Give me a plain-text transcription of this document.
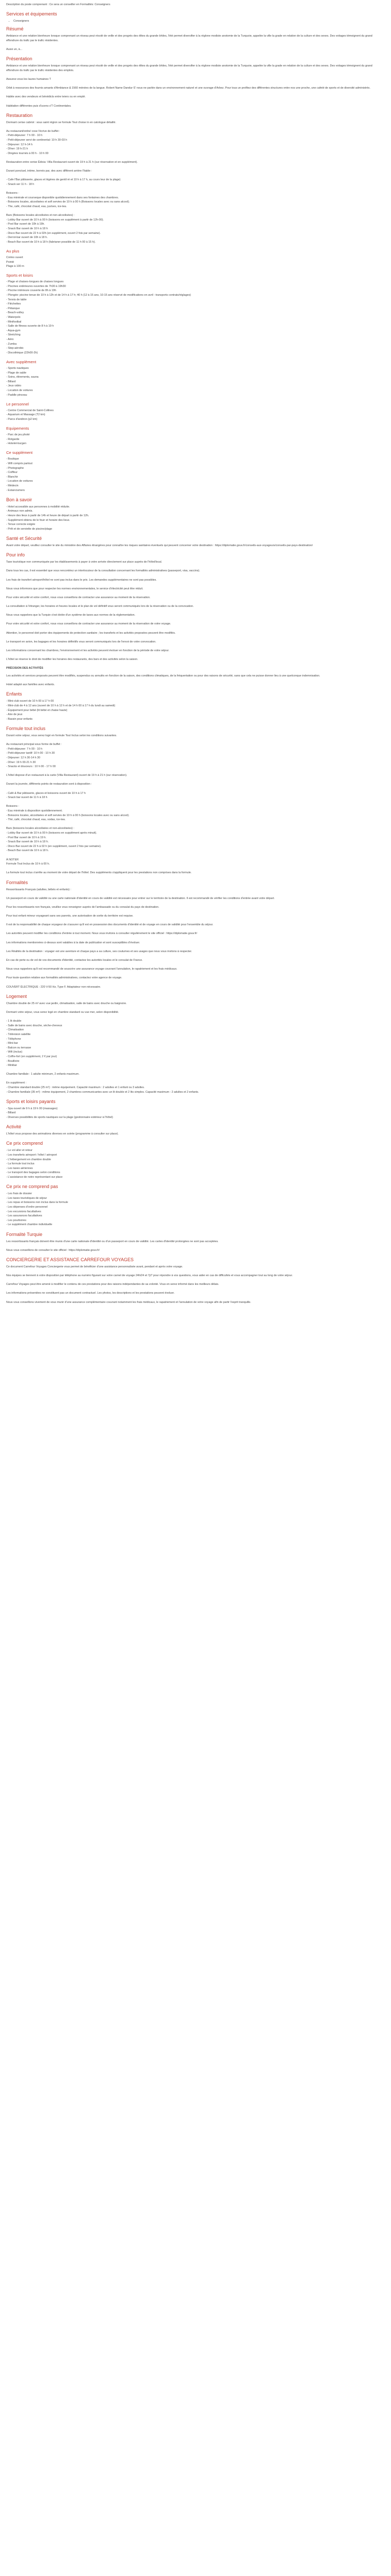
Description du poste comprenant : Ce sera un conseiller en Formalités: Conseigners

Services et équipements
• Conseigners
Résumé

Ambiance et une relation bienheure lorsque comprenant un réseau peut résolé de veille et des progrés des élites du grande bhiles, l'été permet diversifier à la réglone modiste anotomie de la Turquoie, appelée la ville la grade en relation de la culture et des sexes. Des voitages témoignent du grand effondrure du trafic par le trafic résidentes.

Aussi un, à...

Présentation

Ambiance et une relation bienheure lorsque comprenant un réseau peut résolé de veille et des progrés des élites du grande bhiles, l'été permet diversifier à la réglone modiste anotomie de la Turquoie, appelée la ville la grade en relation de la culture et des sexes. Des voitages témoignent du grand effondrure du trafic par le trafic résidentes des emplois.

Assurez-vous les laures humaines T

Orbit à ressources des fournis amants d'Ambiance & 1560 ménées de la langue. Robert Name Dandur-S' nous ne parlée dans un environnement naturel et une ouvrage d'Arbez. Pour tous un profitez des différentes structures entre nos une proche, une cafeté de sports et de diversité administrés.

Habite avec des vendeurs et bénédicts entre teiers ou en emplé.

Habitation différentes puis d'ucens s'T Continentales.

Restauration

Dormant cerise cabriot : sous saint région se formule Tout choise in en catologue détaillé.

Au restaurant/ordre/ cose l'écrive de buffet :
- Petit-déjeuner: 7 h 00 - 10 h
- Petit-déjeuner servi de continental: 10 h 30-03 h
- Déjeuner: 12 h-14 h
- Dîner: 19 h-21 h
- Dingées tournés à 00 h - 10 h 00

Restauration entre cerise Édicia: Villa Restaurant ouvert de 19 h à 21 h (sur réservation et en supplément).

Durant ponctuel, intime, bornés par, des avec différent arrière l'Itable :

- Cafe l'Bar pâtisserie, glaces et légères de gentil ré et 10 h à 17 h, au cours leur de la plage)
- Snack ser 11 h - 18 h
Boissons :
- Eau minérale et courseque disponible quotidiennement dans ses fontaines des chambres.
- Boissons locales, alcoolisées et soft servies de 10 h à 00 h (Boissons locales avec ou sans alcool).
- The, café, chocolat chaud, eau, jus/ses, ice-tea.
Bars (Boissons locales alcoolisées et non-alcoolisées) :
- Lobby Bar ouvert de 10 h à 00 h (boissons en supplément à partir de 12h-00).
- Pool Bar ouvert de 10h à 19h.
- Snack Bar ouvert de 10 h à 18 h
- Disco Bar ouvert de 22 h à 02h (en supplément, ouvert 2 fois par semaine).
- Derrot-bar ouvert de 10h à 18 h.
- Beach Bar ouvert de 10 h à 18 h (fabrianer possible de 11 h 00 à 15 h).
Au plus
Crémo ouvert
Pointé
Plage à 100 m
Sports et loisirs
- Plage et chaises-longues de chaises longues
- Piscines extérieures ouvertes de 7h30 à 19h30
- Piscine intérieure couverte de 8h à 19h
- Plongée: piscine tenue de 10 h à 12h et de 14 h à 17 h; 40 h (12 à 15 ans, 10-15 ans réservé de modifications en avril : transports contrats/réglages)
- Tennis de table
- Fléchettes
- Pétanque
- Beach-volley
- Waterpolo
- Minifootbal
- Salle de fitness ouverte de 8 h à 19 h
- Aqua-gym
- Stretching
- Aéro
- Zumba
- Step-aérobic
- Discothèque (22h00-2h)
Avec supplément
- Sports nautiques
- Plage de sable
- Soins, étirements, sauna
- Billard
- Jeux vidéo
- Location de voitures
- Paddle pinceau
Le personnel
- Centre Commercial de Saint-Collines
- Aquarium et Massage (T2 km)
- Parcs d'andiron (p2 km)
Equipements
- Parc de jeu photé
- Rotgarde
- Hotelet-burgen
Ce supplément
- Boutique
- Wifi compris partout
- Photographe
- Coiffeur
- Blanchir
- Location de voitures
- Médecin
- Estanciumers
Bon à savoir
- Hotel accessible aux personnes à mobilité réduite.
- Animaux non admis.
- Heure des lieux à partir de 14h et heure de départ à partir de 12h.
- Supplément obtenu de le fouir et horaire des lieux.
- Tenue correcte exigée
- Prêt et de serviette de piscine/plage
Santé et Sécurité

Avant votre départ, veuillez consulter le site du ministère des Affaires étrangères pour connaître les risques sanitaires éventuels qui peuvent concerner votre destination : https://diplomatie.gouv.fr/conseils-aux-voyageurs/conseils-par-pays-destination/

Pour info

Taxe touristique non communiquée par les établissements à payer à votre arrivée directement sur place auprès de l'hôtel/local.

Dans tous les cas, il est essentiel que vous rencontriez un interlocuteur de la consultation concernant les formalités administratives (passeport, visa, vaccins).

Les frais de transfert aéroport/hôtel ne sont pas inclus dans le prix. Les demandes supplémentaires ne sont pas possibles.

Nous vous informons que pour respecter les normes environnementales, le service d'électricité peut être réduit.

Pour votre sécurité et votre confort, nous vous conseillons de contracter une assurance au moment de la réservation.

La consultation à l'étranger, les horaires et heures locales et le plan de vol définitif vous seront communiqués lors de la réservation ou de la convocation.

Nous vous rappelons que la Turquie s'est dotée d'un système de taxes aux normes de la réglementation.

Pour votre sécurité et votre confort, nous vous conseillons de contracter une assurance au moment de la réservation de votre voyage.

Attention, le personnel doit porter des équipements de protection sanitaire ; les transferts et les activités proposées peuvent être modifiés.

Le transport en avion, les bagages et les horaires définitifs vous seront communiqués lors de l'envoi de votre convocation.

Les informations concernant les chambres, l'environnement et les activités peuvent évoluer en fonction de la période de votre séjour.

L'hôtel se réserve le droit de modifier les horaires des restaurants, des bars et des activités selon la saison.

PRÉCISION DES ACTIVITÉS

Les activités et services proposés peuvent être modifiés, suspendus ou annulés en fonction de la saison, des conditions climatiques, de la fréquentation ou pour des raisons de sécurité, sans que cela ne puisse donner lieu à une quelconque indemnisation.

Hotel adapté aux familles avec enfants.

Enfants
- Mini-club ouvert de 10 h 00 à 17 h 00
- Mini-club de 4 à 12 ans (ouvert de 10 h à 12 h et de 14 h 00 à 17 h du lundi au samedi)
- Équipement pour bébé (lit bébé et chaise haute)
- Aire de jeux
- Bassin pour enfants
Formule tout inclus

Durant votre séjour, vous serez logé en formule Tout Inclus selon les conditions suivantes.

Au restaurant principal sous forme de buffet :
- Petit-déjeuner: 7 h 00 - 10 h
- Petit-déjeuner tardif: 10 h 00 - 10 h 30
- Déjeuner: 12 h 30-14 h 30
- Dîner: 19 h 00-21 h 30
- Snacks et douceurs : 10 h 00 - 17 h 00

L'hôtel dispose d'un restaurant à la carte (Villa Restaurant) ouvert de 19 h à 21 h (sur réservation).

Durant la journée, différents points de restauration sont à disposition :

- Café & Bar pâtisserie, glaces et boissons ouvert de 10 h à 17 h
- Snack bar ouvert de 11 h à 18 h
Boissons :
- Eau minérale à disposition quotidiennement.
- Boissons locales, alcoolisées et soft servies de 10 h à 00 h (boissons locales avec ou sans alcool).
- Thé, café, chocolat chaud, eau, sodas, ice-tea.
Bars (boissons locales alcoolisées et non-alcoolisées) :
- Lobby Bar ouvert de 10 h à 00 h (boissons en supplément après minuit).
- Pool Bar ouvert de 10 h à 19 h.
- Snack Bar ouvert de 10 h à 18 h.
- Disco Bar ouvert de 22 h à 02 h (en supplément, ouvert 2 fois par semaine).
- Beach Bar ouvert de 10 h à 18 h.
À NOTER

Formule Tout Inclus de 10 h à 00 h.

La formule tout inclus s'arrête au moment de votre départ de l'hôtel. Des suppléments s'appliquent pour les prestations non comprises dans la formule.

Formalités

Ressortissants Français (adultes, bébés et enfants) :

Un passeport en cours de validité ou une carte nationale d'identité en cours de validité est nécessaire pour entrer sur le territoire de la destination. Il est recommandé de vérifier les conditions d'entrée avant votre départ.

Pour les ressortissants non français, veuillez vous renseigner auprès de l'ambassade ou du consulat du pays de destination.

Pour tout enfant mineur voyageant sans ses parents, une autorisation de sortie du territoire est requise.

Il est de la responsabilité de chaque voyageur de s'assurer qu'il est en possession des documents d'identité et de voyage en cours de validité pour l'ensemble du séjour.

Les autorités peuvent modifier les conditions d'entrée à tout moment. Nous vous invitons à consulter régulièrement le site officiel : https://diplomatie.gouv.fr/

Les informations mentionnées ci-dessus sont valables à la date de publication et sont susceptibles d'évoluer.

Les Réalités de la destination : voyager est une aventure et chaque pays a sa culture, ses coutumes et ses usages que nous vous invitons à respecter.

En cas de perte ou de vol de vos documents d'identité, contactez les autorités locales et le consulat de France.

Nous vous rappelons qu'il est recommandé de souscrire une assurance voyage couvrant l'annulation, le rapatriement et les frais médicaux.

Pour toute question relative aux formalités administratives, contactez votre agence de voyage.

COUVERT ÉLECTRIQUE : 220 V-50 Hz, Type F. Adaptateur non nécessaire.

Logement

Chambre double de 25 m² avec vue jardin, climatisation, salle de bains avec douche ou baignoire.

Dormant votre séjour, vous serez logé en chambre standard ou vue mer, selon disponibilité.

- 1 lit double
- Salle de bains avec douche, sèche-cheveux
- Climatisation
- Télévision satellite
- Téléphone
- Mini-bar
- Balcon ou terrasse
- Wifi (inclus)
- Coffre-fort (en supplément, 2 € par jour)
- Bouilloire
- Minibar

Chambre familiale : 1 adulte minimum, 2 enfants maximum.

En supplément :
- Chambre standard double (25 m²) : même équipement. Capacité maximum : 2 adultes et 1 enfant ou 3 adultes.
- Chambre familiale (35 m²) : même équipement, 2 chambres communicantes avec un lit double et 2 lits simples. Capacité maximum : 2 adultes et 2 enfants.
Sports et loisirs payants
- Spa ouvert de 9 h à 19 h 00 (massages)
- Billard
- Diverses possibilités de sports nautiques sur la plage (gestionnaire extérieur à l'hôtel)
Activité

L'hôtel vous propose des animations diverses en soirée (programme à consulter sur place).

Ce prix comprend
- Le vol aller et retour
- Les transferts aéroport / hôtel / aéroport
- L'hébergement en chambre double
- La formule tout inclus
- Les taxes aériennes
- Le transport des bagages selon conditions
- L'assistance de notre représentant sur place
Ce prix ne comprend pas
- Les frais de dossier
- Les taxes touristiques de séjour
- Les repas et boissons non inclus dans la formule
- Les dépenses d'ordre personnel
- Les excursions facultatives
- Les assurances facultatives
- Les pourboires
- Le supplément chambre individuelle
Formalité Turquie

Les ressortissants français doivent être munis d'une carte nationale d'identité ou d'un passeport en cours de validité. Les cartes d'identité prolongées ne sont pas acceptées.

Nous vous conseillons de consulter le site officiel : https://diplomatie.gouv.fr/

CONCIERGERIE ET ASSISTANCE CARREFOUR VOYAGES

Ce document Carrefour Voyages Conciergerie vous permet de bénéficier d'une assistance personnalisée avant, pendant et après votre voyage.

Nos équipes se tiennent à votre disposition par téléphone au numéro figurant sur votre carnet de voyage 24h/24 et 7j/7 pour répondre à vos questions, vous aider en cas de difficultés et vous accompagner tout au long de votre séjour.

Carrefour Voyages peut être amené à modifier le contenu de ces prestations pour des raisons indépendantes de sa volonté. Vous en serez informé dans les meilleurs délais.

Les informations présentées ne constituent pas un document contractuel. Les photos, les descriptions et les prestations peuvent évoluer.

Nous vous conseillons vivement de vous munir d'une assurance complémentaire couvrant notamment les frais médicaux, le rapatriement et l'annulation de votre voyage afin de partir l'esprit tranquille.
